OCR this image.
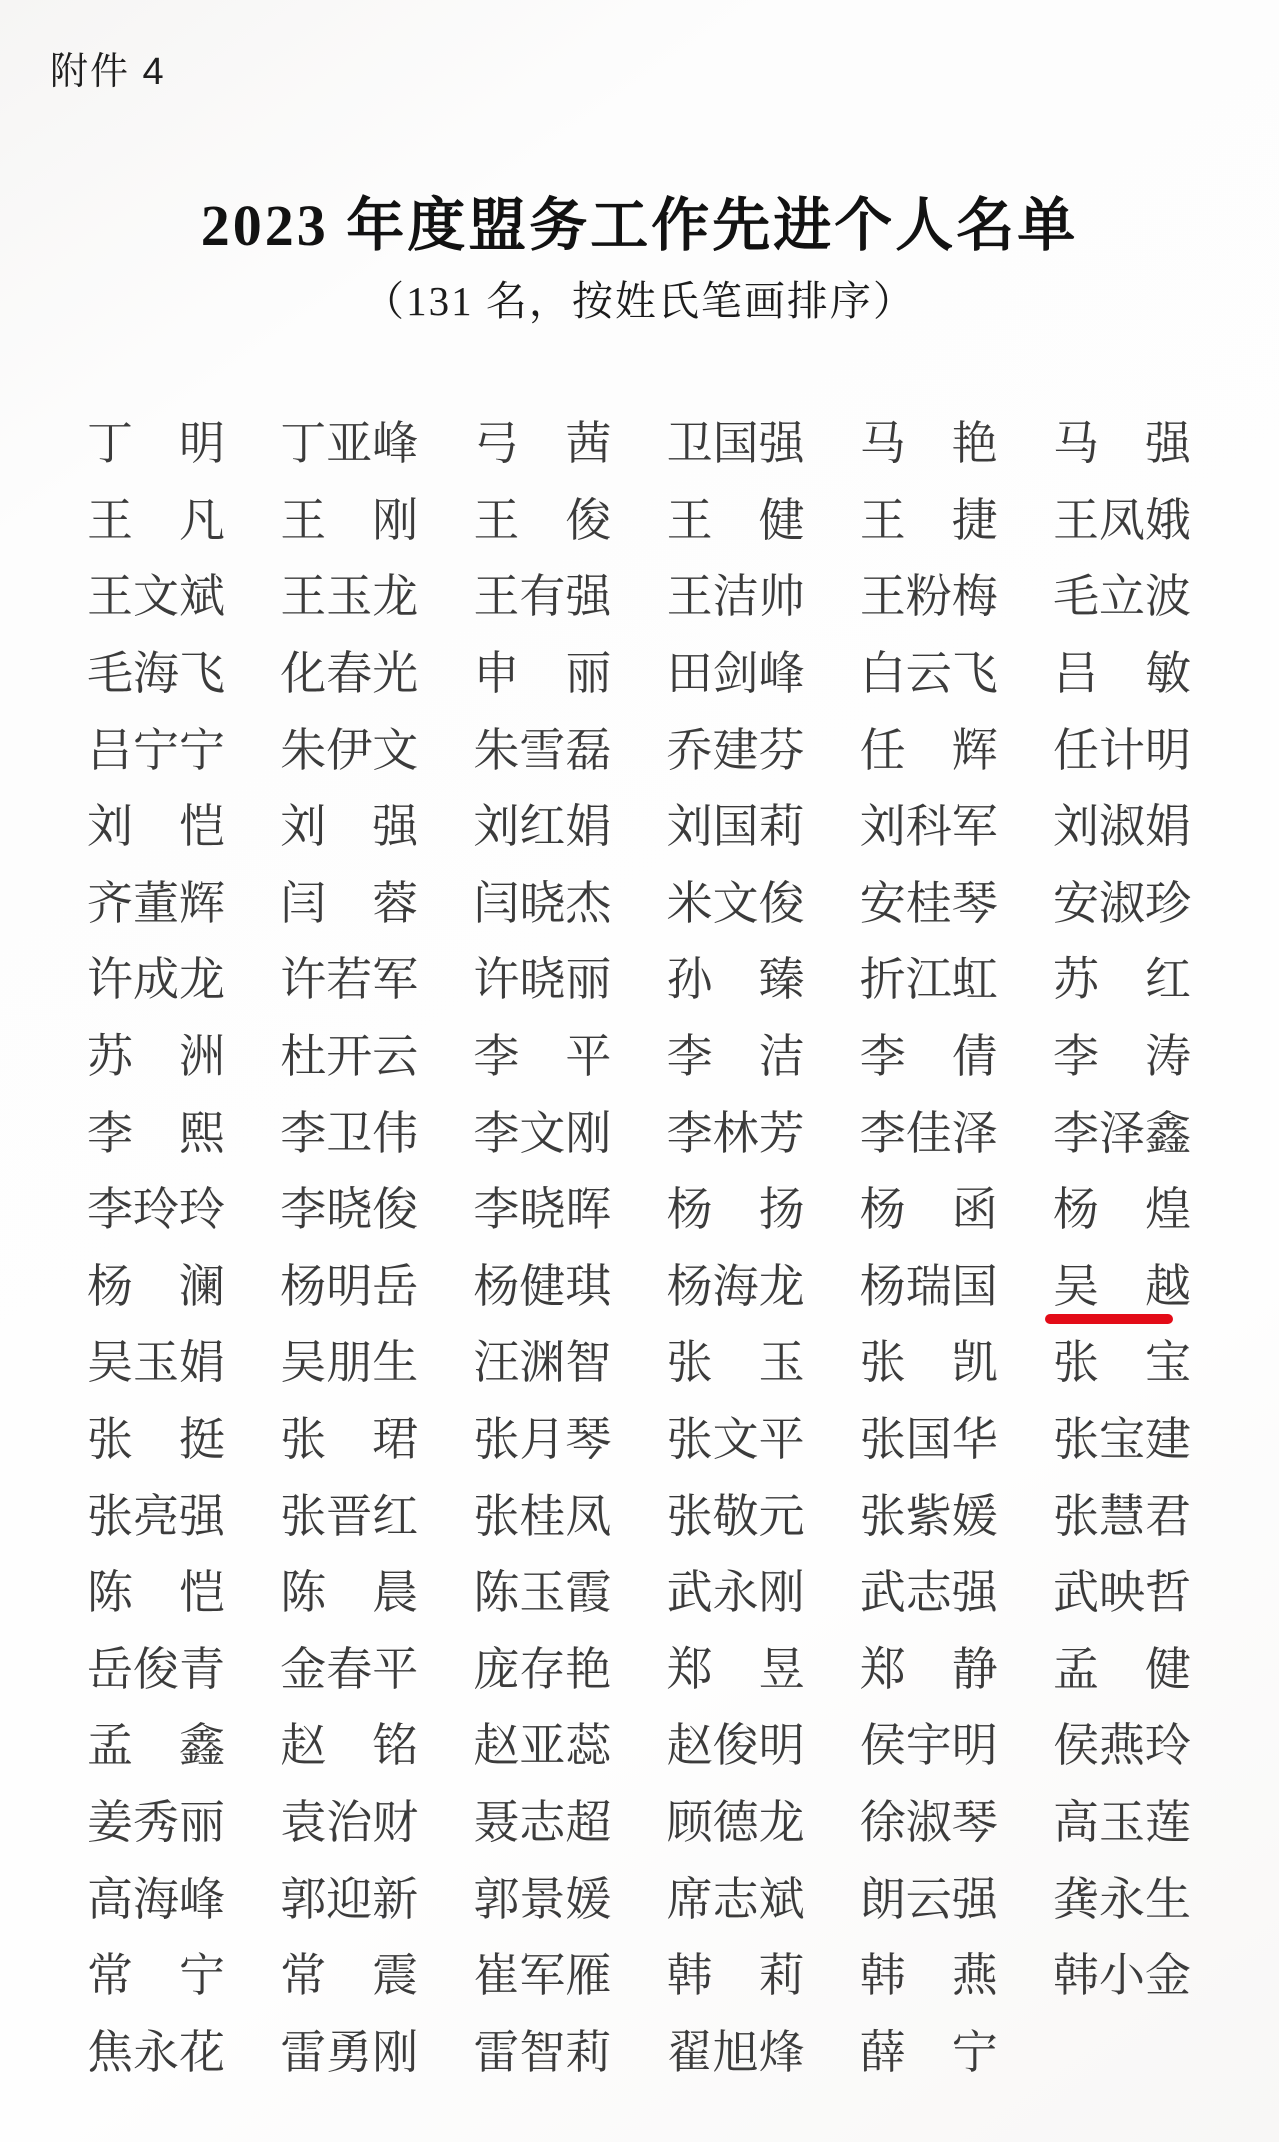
附件 4
2023 年度盟务工作先进个人名单
（131 名，按姓氏笔画排序）
丁 明 丁 亚 峰 弓 茜 卫 国 强 马 艳 马 强
王 凡 王 刚 王 俊 王 健 王 捷 王 凤 娥
王 文 斌 王 玉 龙 王 有 强 王 洁 帅 王 粉 梅 毛 立 波
毛 海 飞 化 春 光 申 丽 田 剑 峰 白 云 飞 吕 敏
吕 宁 宁 朱 伊 文 朱 雪 磊 乔 建 芬 任 辉 任 计 明
刘 恺 刘 强 刘 红 娟 刘 国 莉 刘 科 军 刘 淑 娟
齐 董 辉 闫 蓉 闫 晓 杰 米 文 俊 安 桂 琴 安 淑 珍
许 成 龙 许 若 军 许 晓 丽 孙 臻 折 江 虹 苏 红
苏 洲 杜 开 云 李 平 李 洁 李 倩 李 涛
李 熙 李 卫 伟 李 文 刚 李 林 芳 李 佳 泽 李 泽 鑫
李 玲 玲 李 晓 俊 李 晓 晖 杨 扬 杨 函 杨 煌
杨 澜 杨 明 岳 杨 健 琪 杨 海 龙 杨 瑞 国 吴 越
吴 玉 娟 吴 朋 生 汪 渊 智 张 玉 张 凯 张 宝
张 挺 张 珺 张 月 琴 张 文 平 张 国 华 张 宝 建
张 亮 强 张 晋 红 张 桂 凤 张 敬 元 张 紫 媛 张 慧 君
陈 恺 陈 晨 陈 玉 霞 武 永 刚 武 志 强 武 映 哲
岳 俊 青 金 春 平 庞 存 艳 郑 昱 郑 静 孟 健
孟 鑫 赵 铭 赵 亚 蕊 赵 俊 明 侯 宇 明 侯 燕 玲
姜 秀 丽 袁 治 财 聂 志 超 顾 德 龙 徐 淑 琴 高 玉 莲
高 海 峰 郭 迎 新 郭 景 媛 席 志 斌 朗 云 强 龚 永 生
常 宁 常 震 崔 军 雁 韩 莉 韩 燕 韩 小 金
焦 永 花 雷 勇 刚 雷 智 莉 翟 旭 烽 薛 宁
